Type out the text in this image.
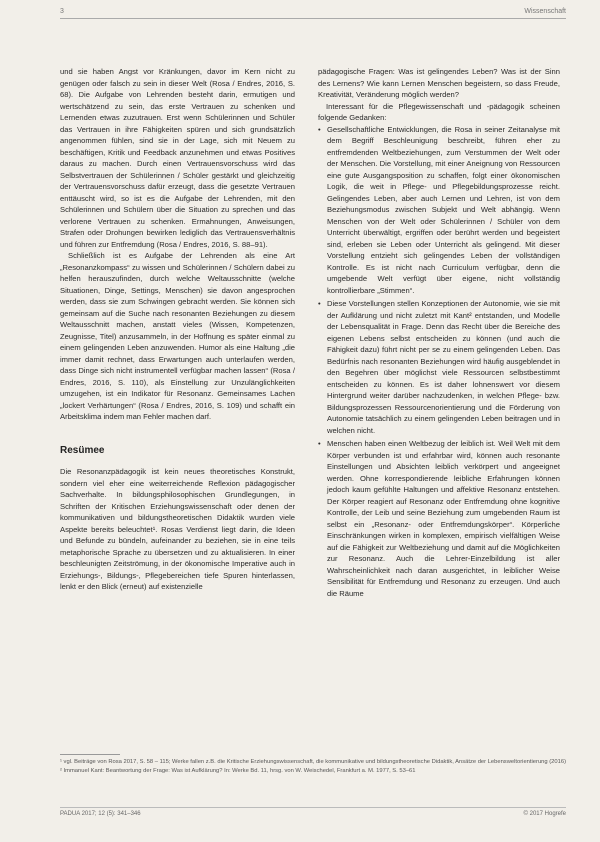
3	Wissenschaft

und sie haben Angst vor Kränkungen, davor im Kern nicht zu genügen oder falsch zu sein in dieser Welt (Rosa / Endres, 2016, S. 68). Die Aufgabe von Lehrenden besteht darin, ermutigen und wertschätzend zu sein, das erste Vertrauen zu schenken und Lernenden etwas zuzutrauen. Erst wenn Schülerinnen und Schüler das Vertrauen in ihre Fähigkeiten spüren und sich grundsätzlich angenommen fühlen, sind sie in der Lage, sich mit Neuem zu beschäftigen, Kritik und Feedback anzunehmen und etwas Positives daraus zu machen. Durch einen Vertrauensvorschuss wird das Selbstvertrauen der Schülerinnen / Schüler gestärkt und gleichzeitig der Vertrauensvorschuss dafür erzeugt, dass die gesetzte Vertrauen enttäuscht wird, so ist es die Aufgabe der Lehrenden, mit den Schülerinnen und Schülern über die Situation zu sprechen und das verlorene Vertrauen zu schenken. Ermahnungen, Anweisungen, Strafen oder Drohungen bewirken lediglich das Vertrauensverhältnis und führen zur Entfremdung (Rosa / Endres, 2016, S. 88–91).

Schließlich ist es Aufgabe der Lehrenden als eine Art „Resonanzkompass“ zu wissen und Schülerinnen / Schülern dabei zu helfen herauszufinden, durch welche Weltausschnitte (welche Situationen, Dinge, Settings, Menschen) sie davon angesprochen werden, dass sie zum Schwingen gebracht werden. Sie können sich gemeinsam auf die Suche nach resonanten Beziehungen zu diesem Weltausschnitt machen, anstatt vieles (Wissen, Kompetenzen, Zeugnisse, Titel) anzusammeln, in der Hoffnung es später einmal zu einem gelingenden Leben anzuwenden. Humor als eine Haltung „die immer damit rechnet, dass Erwartungen auch unterlaufen werden, dass Dinge sich nicht instrumentell verfügbar machen lassen“ (Rosa / Endres, 2016, S. 110), als Einstellung zur Unzulänglichkeiten umzugehen, ist ein Indikator für Resonanz. Gemeinsames Lachen „lockert Verhärtungen“ (Rosa / Endres, 2016, S. 109) und schafft ein Arbeitsklima indem man Fehler machen darf.

Resümee

Die Resonanzpädagogik ist kein neues theoretisches Konstrukt, sondern viel eher eine weiterreichende Reflexion pädagogischer Sachverhalte. In bildungsphilosophischen Grundlegungen, in Schriften der Kritischen Erziehungswissenschaft oder denen der kommunikativen und bildungstheoretischen Didaktik wurden viele Aspekte bereits beleuchtet¹. Rosas Verdienst liegt darin, die Ideen und Befunde zu bündeln, aufeinander zu beziehen, sie in eine teils metaphorische Sprache zu übersetzen und zu aktualisieren. In einer beschleunigten Zeitströmung, in der ökonomische Imperative auch in Erziehungs-, Bildungs-, Pflegebereichen tiefe Spuren hinterlassen, lenkt er den Blick (erneut) auf existenzielle

pädagogische Fragen: Was ist gelingendes Leben? Was ist der Sinn des Lernens? Wie kann Lernen Menschen begeistern, so dass Freude, Kreativität, Veränderung möglich werden?

Interessant für die Pflegewissenschaft und -pädagogik scheinen folgende Gedanken:

• Gesellschaftliche Entwicklungen, die Rosa in seiner Zeitanalyse mit dem Begriff Beschleunigung beschreibt, führen eher zu entfremdenden Weltbeziehungen, zum Verstummen der Welt oder der Menschen. Die Vorstellung, mit einer Aneignung von Ressourcen eine gute Ausgangsposition zu schaffen, folgt einer ökonomischen Logik, die weit in Pflege- und Pflegebildungsprozesse reicht. Gelingendes Leben, aber auch Lernen und Lehren, ist von dem Beziehungsmodus zwischen Subjekt und Welt abhängig. Wenn Menschen von der Welt oder Schülerinnen / Schüler von dem Unterricht überwältigt, ergriffen oder berührt werden und begeistert sind, erleben sie Leben oder Unterricht als gelingend. Mit dieser Vorstellung entzieht sich gelingendes Leben der vollständigen Kontrolle. Es ist nicht nach Curriculum verfügbar, denn die umgebende Welt verfügt über eigene, nicht vollständig kontrollierbare „Stimmen“.
• Diese Vorstellungen stellen Konzeptionen der Autonomie, wie sie mit der Aufklärung und nicht zuletzt mit Kant² entstanden, und Modelle der Lebensqualität in Frage. Denn das Recht über die Bereiche des eigenen Lebens selbst entscheiden zu können (und auch die Fähigkeit dazu) führt nicht per se zu einem gelingenden Leben. Das Bedürfnis nach resonanten Beziehungen wird häufig ausgeblendet in den Begehren über möglichst viele Ressourcen selbstbestimmt entscheiden zu können. Es ist daher lohnenswert vor diesem Hintergrund weiter darüber nachzudenken, in welchen Pflege- bzw. Bildungsprozessen Ressourcenorientierung und die Förderung von Autonomie tatsächlich zu einem gelingenden Leben beitragen und in welchen nicht.
• Menschen haben einen Weltbezug der leiblich ist. Weil Welt mit dem Körper verbunden ist und erfahrbar wird, können auch resonante Einstellungen und Absichten leiblich verkörpert und angeeignet werden. Ohne korrespondierende leibliche Erfahrungen können jedoch kaum gefühlte Haltungen und affektive Resonanz entstehen. Der Körper reagiert auf Resonanz oder Entfremdung ohne kognitive Kontrolle, der Leib und seine Beziehung zum umgebenden Raum ist selbst ein „Resonanz- oder Entfremdungskörper“. Körperliche Einschränkungen wirken in komplexen, empirisch vielfältigen Weise auf die Fähigkeit zur Weltbeziehung und damit auf die Möglichkeiten zur Resonanz. Auch die Lehrer-Einzelbildung ist aller Wahrscheinlichkeit nach daran ausgerichtet, in leiblicher Weise Sensibilität für Entfremdung und Resonanz zu erzeugen. Und auch die Räume

¹ vgl. Beiträge von Rosa 2017, S. 58 – 115; Werke fallen z.B. die Kritische Erziehungswissenschaft, die kommunikative und bildungstheoretische Didaktik, Ansätze der Lebensweltorientierung (2016)

² Immanuel Kant: Beantwortung der Frage: Was ist Aufklärung? In: Werke Bd. 11, hrsg. von W. Weischedel, Frankfurt a. M. 1977, S. 53–61

PADUA 2017; 12 (5): 341–346	© 2017 Hogrefe
